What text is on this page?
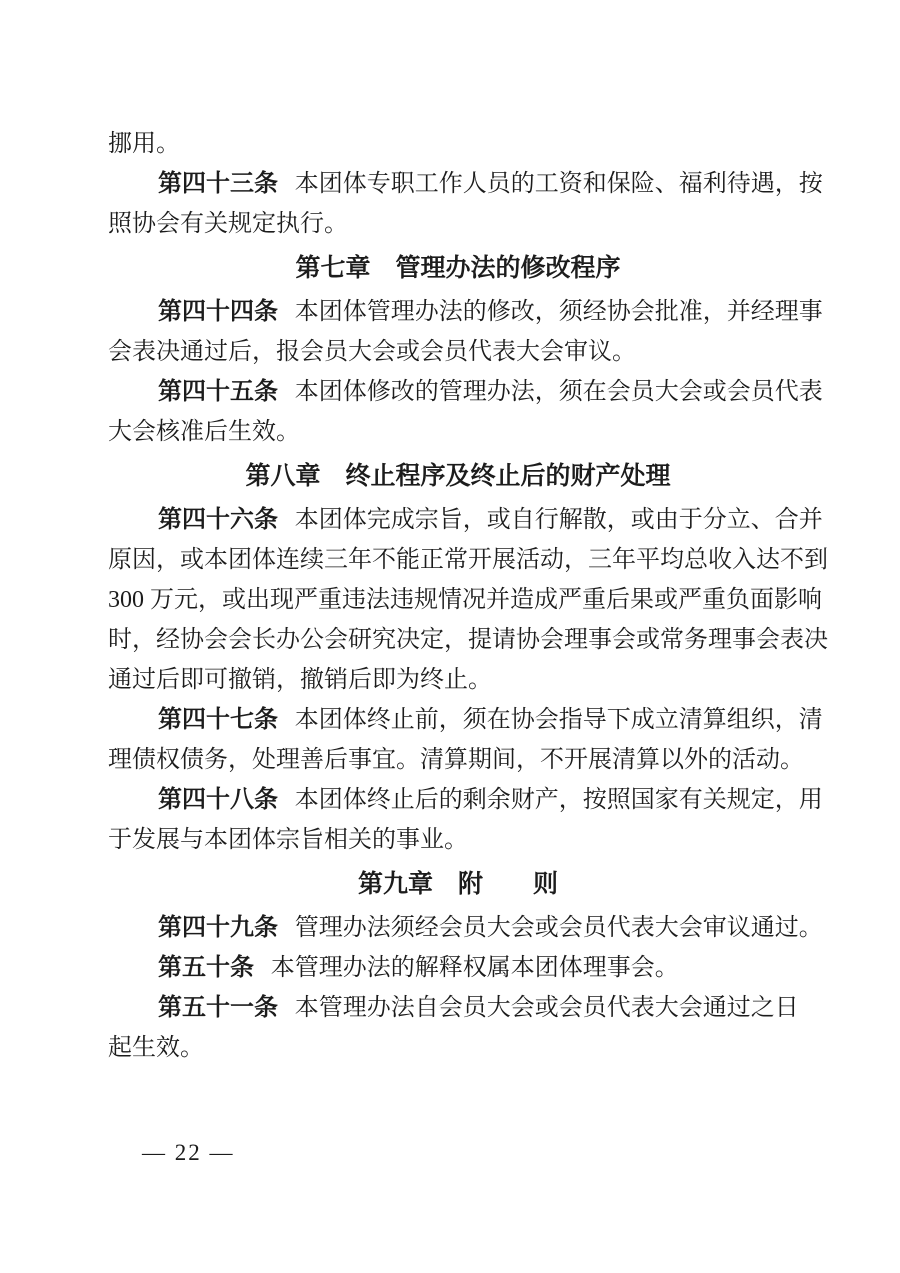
挪用。
第四十三条 本团体专职工作人员的工资和保险、福利待遇，按
照协会有关规定执行。
第七章　管理办法的修改程序
第四十四条 本团体管理办法的修改，须经协会批准，并经理事
会表决通过后，报会员大会或会员代表大会审议。
第四十五条 本团体修改的管理办法，须在会员大会或会员代表
大会核准后生效。
第八章　终止程序及终止后的财产处理
第四十六条 本团体完成宗旨，或自行解散，或由于分立、合并
原因，或本团体连续三年不能正常开展活动，三年平均总收入达不到
300 万元，或出现严重违法违规情况并造成严重后果或严重负面影响
时，经协会会长办公会研究决定，提请协会理事会或常务理事会表决
通过后即可撤销，撤销后即为终止。
第四十七条 本团体终止前，须在协会指导下成立清算组织，清
理债权债务，处理善后事宜。清算期间，不开展清算以外的活动。
第四十八条 本团体终止后的剩余财产，按照国家有关规定，用
于发展与本团体宗旨相关的事业。
第九章　附　　则
第四十九条 管理办法须经会员大会或会员代表大会审议通过。
第五十条 本管理办法的解释权属本团体理事会。
第五十一条 本管理办法自会员大会或会员代表大会通过之日
起生效。
— 22 —
